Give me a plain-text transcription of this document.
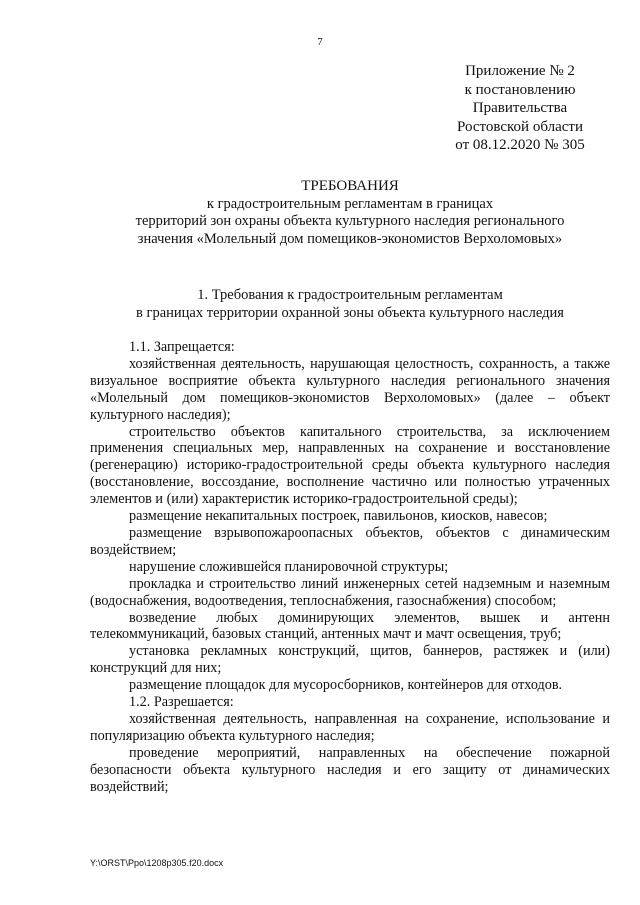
7
Приложение № 2
к постановлению
Правительства
Ростовской области
от 08.12.2020 № 305
ТРЕБОВАНИЯ
к градостроительным регламентам в границах
территорий зон охраны объекта культурного наследия регионального
значения «Молельный дом помещиков-экономистов Верхоломовых»
1. Требования к градостроительным регламентам
в границах территории охранной зоны объекта культурного наследия

1.1. Запрещается:

хозяйственная деятельность, нарушающая целостность, сохранность, а также визуальное восприятие объекта культурного наследия регионального значения «Молельный дом помещиков-экономистов Верхоломовых» (далее – объект культурного наследия);

строительство объектов капитального строительства, за исключением применения специальных мер, направленных на сохранение и восстановление (регенерацию) историко-градостроительной среды объекта культурного наследия (восстановление, воссоздание, восполнение частично или полностью утраченных элементов и (или) характеристик историко-градостроительной среды);

размещение некапитальных построек, павильонов, киосков, навесов;

размещение взрывопожароопасных объектов, объектов с динамическим воздействием;

нарушение сложившейся планировочной структуры;

прокладка и строительство линий инженерных сетей надземным и наземным (водоснабжения, водоотведения, теплоснабжения, газоснабжения) способом;

возведение любых доминирующих элементов, вышек и антенн телекоммуникаций, базовых станций, антенных мачт и мачт освещения, труб;

установка рекламных конструкций, щитов, баннеров, растяжек и (или) конструкций для них;

размещение площадок для мусоросборников, контейнеров для отходов.

1.2. Разрешается:

хозяйственная деятельность, направленная на сохранение, использование и популяризацию объекта культурного наследия;

проведение мероприятий, направленных на обеспечение пожарной безопасности объекта культурного наследия и его защиту от динамических воздействий;

Y:\ORST\Ppo\1208p305.f20.docx
